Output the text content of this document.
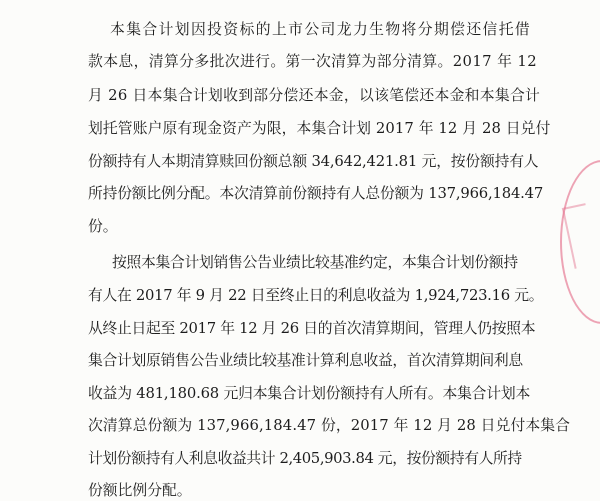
本集合计划因投资标的上市公司龙力生物将分期偿还信托借
款本息，清算分多批次进行。第一次清算为部分清算。2017 年 12
月 26 日本集合计划收到部分偿还本金，以该笔偿还本金和本集合计
划托管账户原有现金资产为限，本集合计划 2017 年 12 月 28 日兑付
份额持有人本期清算赎回份额总额 34,642,421.81 元，按份额持有人
所持份额比例分配。本次清算前份额持有人总份额为 137,966,184.47
份。
按照本集合计划销售公告业绩比较基准约定，本集合计划份额持
有人在 2017 年 9 月 22 日至终止日的利息收益为 1,924,723.16 元。
从终止日起至 2017 年 12 月 26 日的首次清算期间，管理人仍按照本
集合计划原销售公告业绩比较基准计算利息收益，首次清算期间利息
收益为 481,180.68 元归本集合计划份额持有人所有。本集合计划本
次清算总份额为 137,966,184.47 份，2017 年 12 月 28 日兑付本集合
计划份额持有人利息收益共计 2,405,903.84 元，按份额持有人所持
份额比例分配。
